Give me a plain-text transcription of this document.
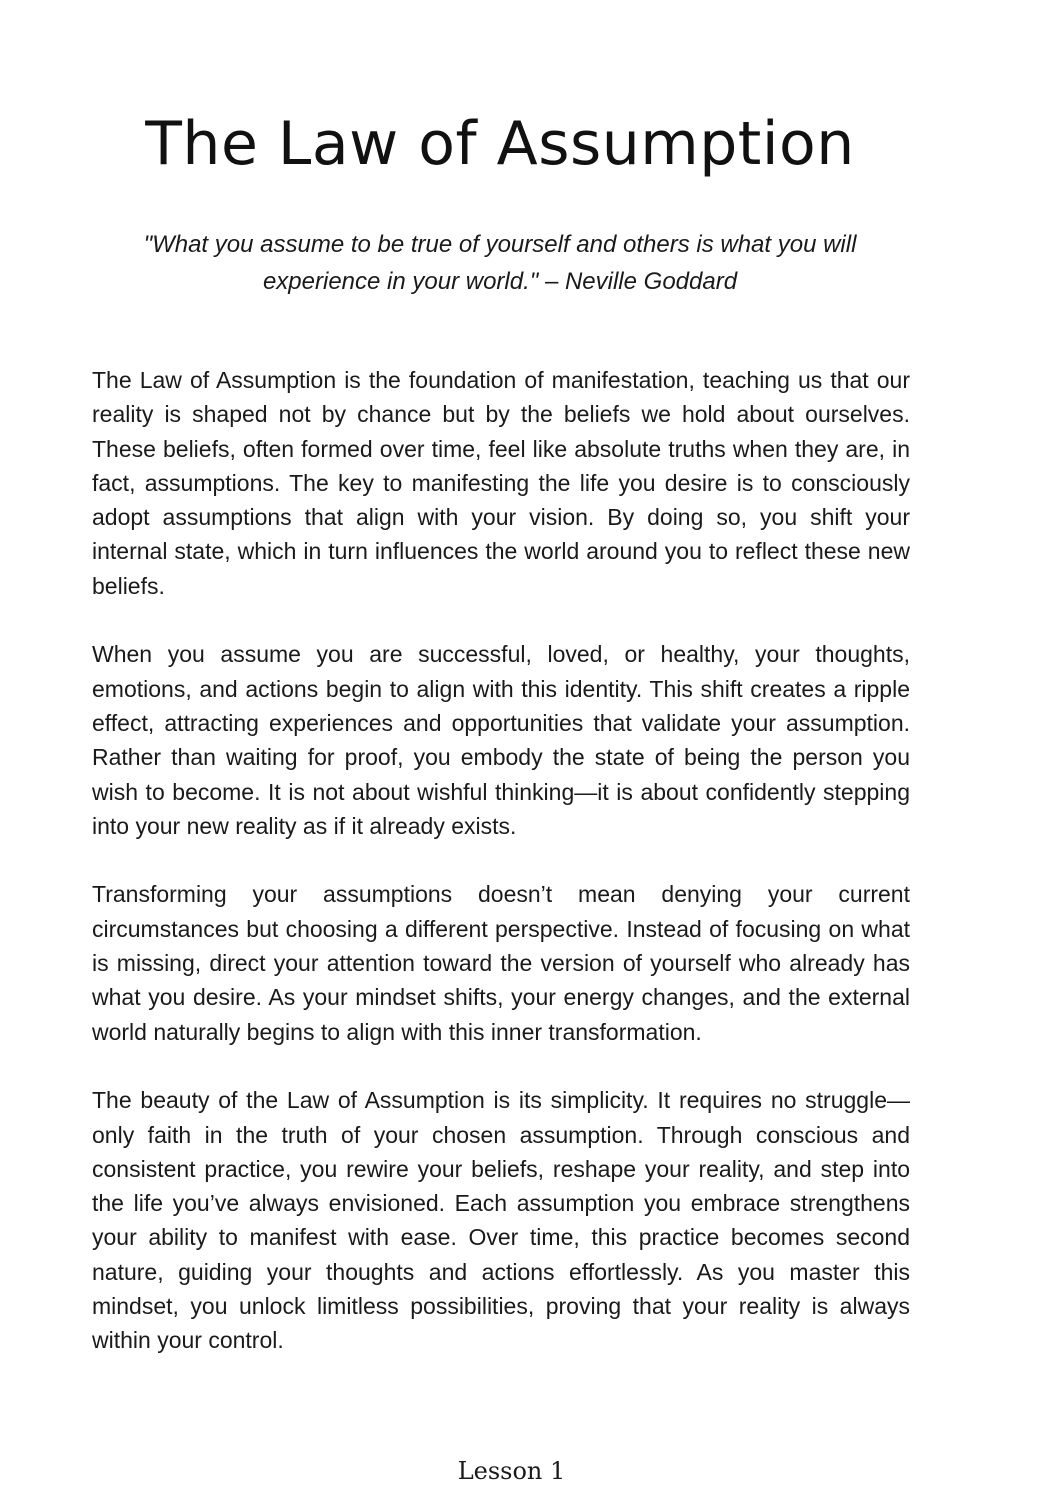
The Law of Assumption

"What you assume to be true of yourself and others is what you will experience in your world." – Neville Goddard

The Law of Assumption is the foundation of manifestation, teaching us that our reality is shaped not by chance but by the beliefs we hold about ourselves. These beliefs, often formed over time, feel like absolute truths when they are, in fact, assumptions. The key to manifesting the life you desire is to consciously adopt assumptions that align with your vision. By doing so, you shift your internal state, which in turn influences the world around you to reflect these new beliefs.

When you assume you are successful, loved, or healthy, your thoughts, emotions, and actions begin to align with this identity. This shift creates a ripple effect, attracting experiences and opportunities that validate your assumption. Rather than waiting for proof, you embody the state of being the person you wish to become. It is not about wishful thinking—it is about confidently stepping into your new reality as if it already exists.

Transforming your assumptions doesn’t mean denying your current circumstances but choosing a different perspective. Instead of focusing on what is missing, direct your attention toward the version of yourself who already has what you desire. As your mindset shifts, your energy changes, and the external world naturally begins to align with this inner transformation.

The beauty of the Law of Assumption is its simplicity. It requires no struggle—only faith in the truth of your chosen assumption. Through conscious and consistent practice, you rewire your beliefs, reshape your reality, and step into the life you’ve always envisioned. Each assumption you embrace strengthens your ability to manifest with ease. Over time, this practice becomes second nature, guiding your thoughts and actions effortlessly. As you master this mindset, you unlock limitless possibilities, proving that your reality is always within your control.

Lesson 1
